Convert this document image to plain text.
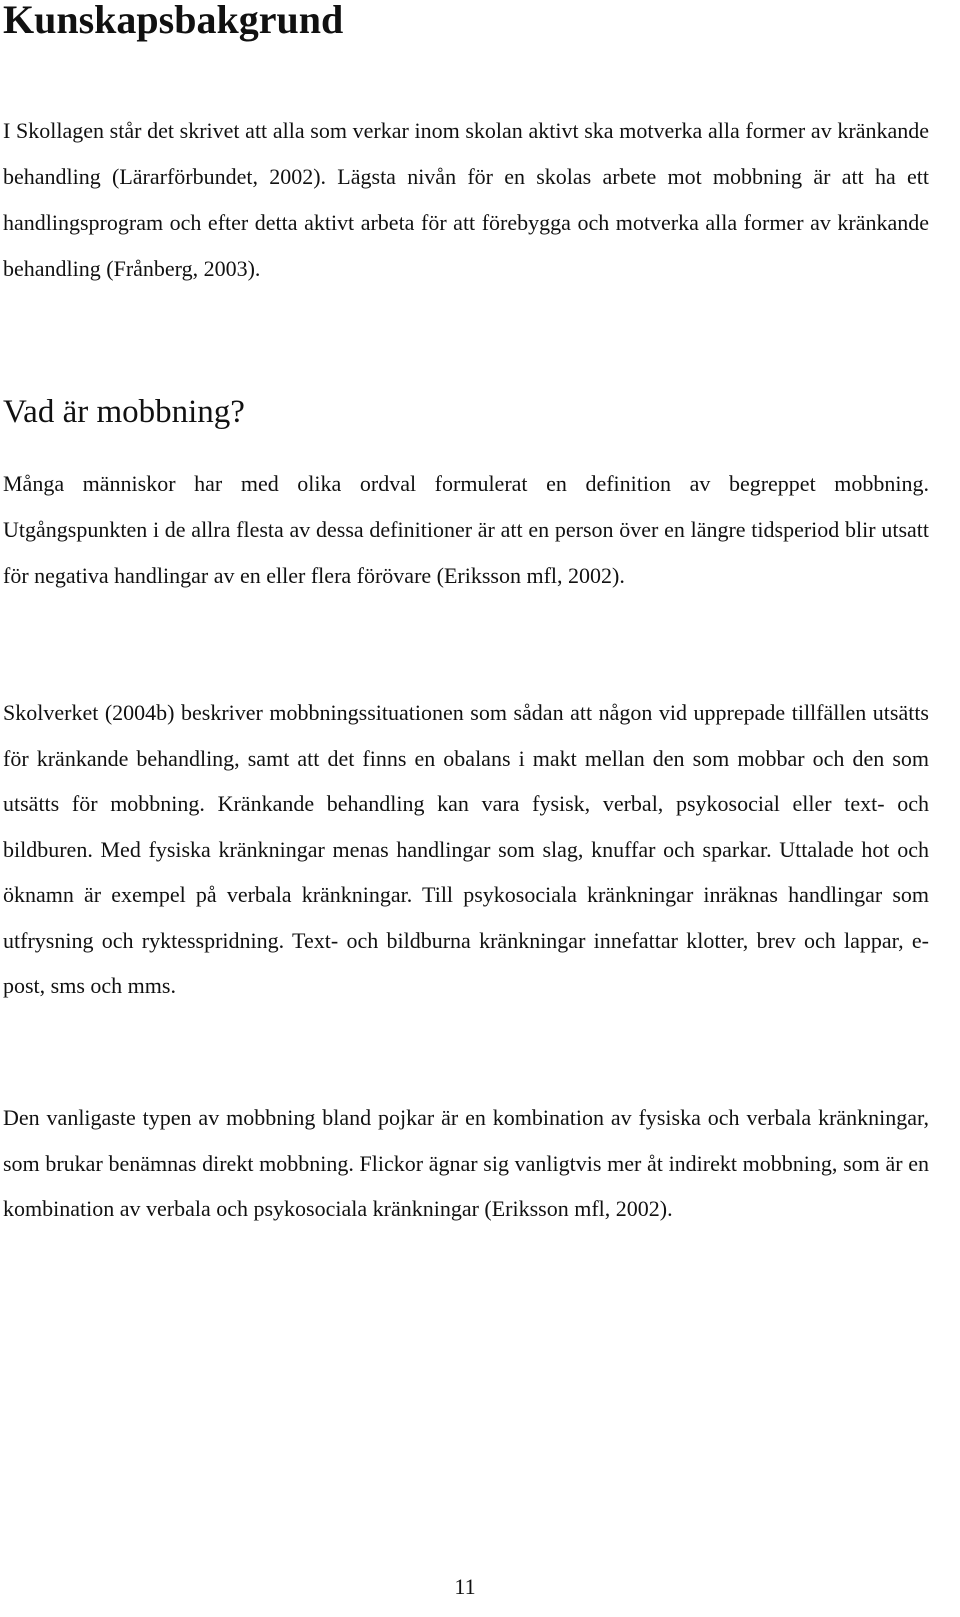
Kunskapsbakgrund

I Skollagen står det skrivet att alla som verkar inom skolan aktivt ska motverka alla former av kränkande behandling (Lärarförbundet, 2002). Lägsta nivån för en skolas arbete mot mobbning är att ha ett handlingsprogram och efter detta aktivt arbeta för att förebygga och motverka alla former av kränkande behandling (Frånberg, 2003).

Vad är mobbning?

Många människor har med olika ordval formulerat en definition av begreppet mobbning. Utgångspunkten i de allra flesta av dessa definitioner är att en person över en längre tidsperiod blir utsatt för negativa handlingar av en eller flera förövare (Eriksson mfl, 2002).

Skolverket (2004b) beskriver mobbningssituationen som sådan att någon vid upprepade tillfällen utsätts för kränkande behandling, samt att det finns en obalans i makt mellan den som mobbar och den som utsätts för mobbning. Kränkande behandling kan vara fysisk, verbal, psykosocial eller text- och bildburen. Med fysiska kränkningar menas handlingar som slag, knuffar och sparkar. Uttalade hot och öknamn är exempel på verbala kränkningar. Till psykosociala kränkningar inräknas handlingar som utfrysning och ryktesspridning. Text- och bildburna kränkningar innefattar klotter, brev och lappar, e-post, sms och mms.

Den vanligaste typen av mobbning bland pojkar är en kombination av fysiska och verbala kränkningar, som brukar benämnas direkt mobbning. Flickor ägnar sig vanligtvis mer åt indirekt mobbning, som är en kombination av verbala och psykosociala kränkningar (Eriksson mfl, 2002).

11
